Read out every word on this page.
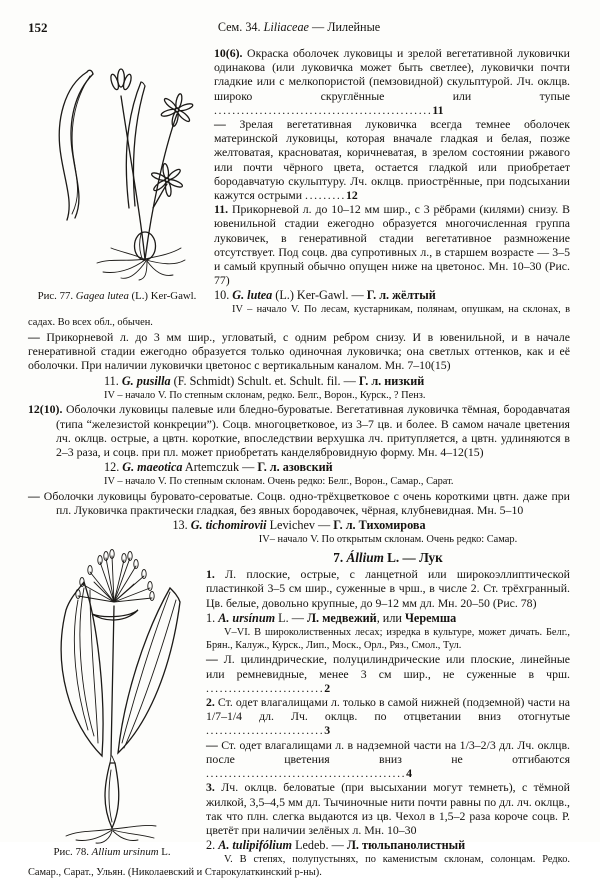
152	Сем. 34. Liliaceae — Лилейные
Рис. 77. Gagea lutea (L.) Ker-Gawl.

10(6). Окраска оболочек луковицы и зрелой вегетативной луковички одинакова (или луковичка может быть светлее), луковички почти гладкие или с мелкопористой (пемзовидной) скульптурой. Лч. оклцв. широко скруглённые или тупые ................................................11

— Зрелая вегетативная луковичка всегда темнее оболочек материнской луковицы, которая вначале гладкая и белая, позже желтоватая, красноватая, коричневатая, в зрелом состоянии ржавого или почти чёрного цвета, остается гладкой или приобретает бородавчатую скульптуру. Лч. оклцв. приострённые, при подсыхании кажутся острыми .........12

11. Прикорневой л. до 10–12 мм шир., с 3 рёбрами (килями) снизу. В ювенильной стадии ежегодно образуется многочисленная группа луковичек, в генеративной стадии вегетативное размножение отсутствует. Под соцв. два супротивных л., в старшем возрасте — 3–5 и самый крупный обычно опущен ниже на цветонос. Мн. 10–30 (Рис. 77)

10. G. lutea (L.) Ker-Gawl. — Г. л. жёлтый

IV – начало V. По лесам, кустарникам, полянам, опушкам, на склонах, в садах. Во всех обл., обычен.

— Прикорневой л. до 3 мм шир., угловатый, с одним ребром снизу. И в ювенильной, и в начале генеративной стадии ежегодно образуется только одиночная луковичка; она светлых оттенков, как и её оболочки. При наличии луковички цветонос с вертикальным каналом. Мн. 7–10(15)

11. G. pusilla (F. Schmidt) Schult. et. Schult. fil. — Г. л. низкий

IV – начало V. По степным склонам, редко. Белг., Ворон., Курск., ? Пенз.

12(10). Оболочки луковицы палевые или бледно-буроватые. Вегетативная луковичка тёмная, бородавчатая (типа “железистой конкреции”). Соцв. многоцветковое, из 3–7 цв. и более. В самом начале цветения лч. оклцв. острые, а цвтн. короткие, впоследствии верхушка лч. притупляется, а цвтн. удлиняются в 2–3 раза, и соцв. при пл. может приобретать канделябровидную форму. Мн. 4–12(15)

12. G. maeotica Artemczuk — Г. л. азовский

IV – начало V. По степным склонам. Очень редко: Белг., Ворон., Самар., Сарат.

— Оболочки луковицы буровато-сероватые. Соцв. одно-трёхцветковое с очень короткими цвтн. даже при пл. Луковичка практически гладкая, без явных бородавочек, чёрная, клубневидная. Мн. 5–10

13. G. tichomirovii Levichev — Г. л. Тихомирова
Рис. 78. Allium ursinum L.

IV– начало V. По открытым склонам. Очень редко: Самар.

7. Állium L. — Лук

1. Л. плоские, острые, с ланцетной или широкоэллиптической пластинкой 3–5 см шир., суженные в чрш., в числе 2. Ст. трёхгранный. Цв. белые, довольно крупные, до 9–12 мм дл. Мн. 20–50 (Рис. 78)

1. A. ursínum L. — Л. медвежий, или Черемша

V–VI. В широколиственных лесах; изредка в культуре, может дичать. Белг., Брян., Калуж., Курск., Лип., Моск., Орл., Ряз., Смол., Тул.

— Л. цилиндрические, полуцилиндрические или плоские, линейные или ремневидные, менее 3 см шир., не суженные в чрш. ..........................2

2. Ст. одет влагалищами л. только в самой нижней (подземной) части на 1/7–1/4 дл. Лч. оклцв. по отцветании вниз отогнутые ..........................3

— Ст. одет влагалищами л. в надземной части на 1/3–2/3 дл. Лч. оклцв. после цветения вниз не отгибаются ............................................4

3. Лч. оклцв. беловатые (при высыхании могут темнеть), с тёмной жилкой, 3,5–4,5 мм дл. Тычиночные нити почти равны по дл. лч. оклцв., так что плн. слегка выдаются из цв. Чехол в 1,5–2 раза короче соцв. Р. цветёт при наличии зелёных л. Мн. 10–30

2. A. tulipifólium Ledeb. — Л. тюльпанолистный

V. В степях, полупустынях, по каменистым склонам, солонцам. Редко. Самар., Сарат., Ульян. (Николаевский и Старокулаткинский р-ны).
